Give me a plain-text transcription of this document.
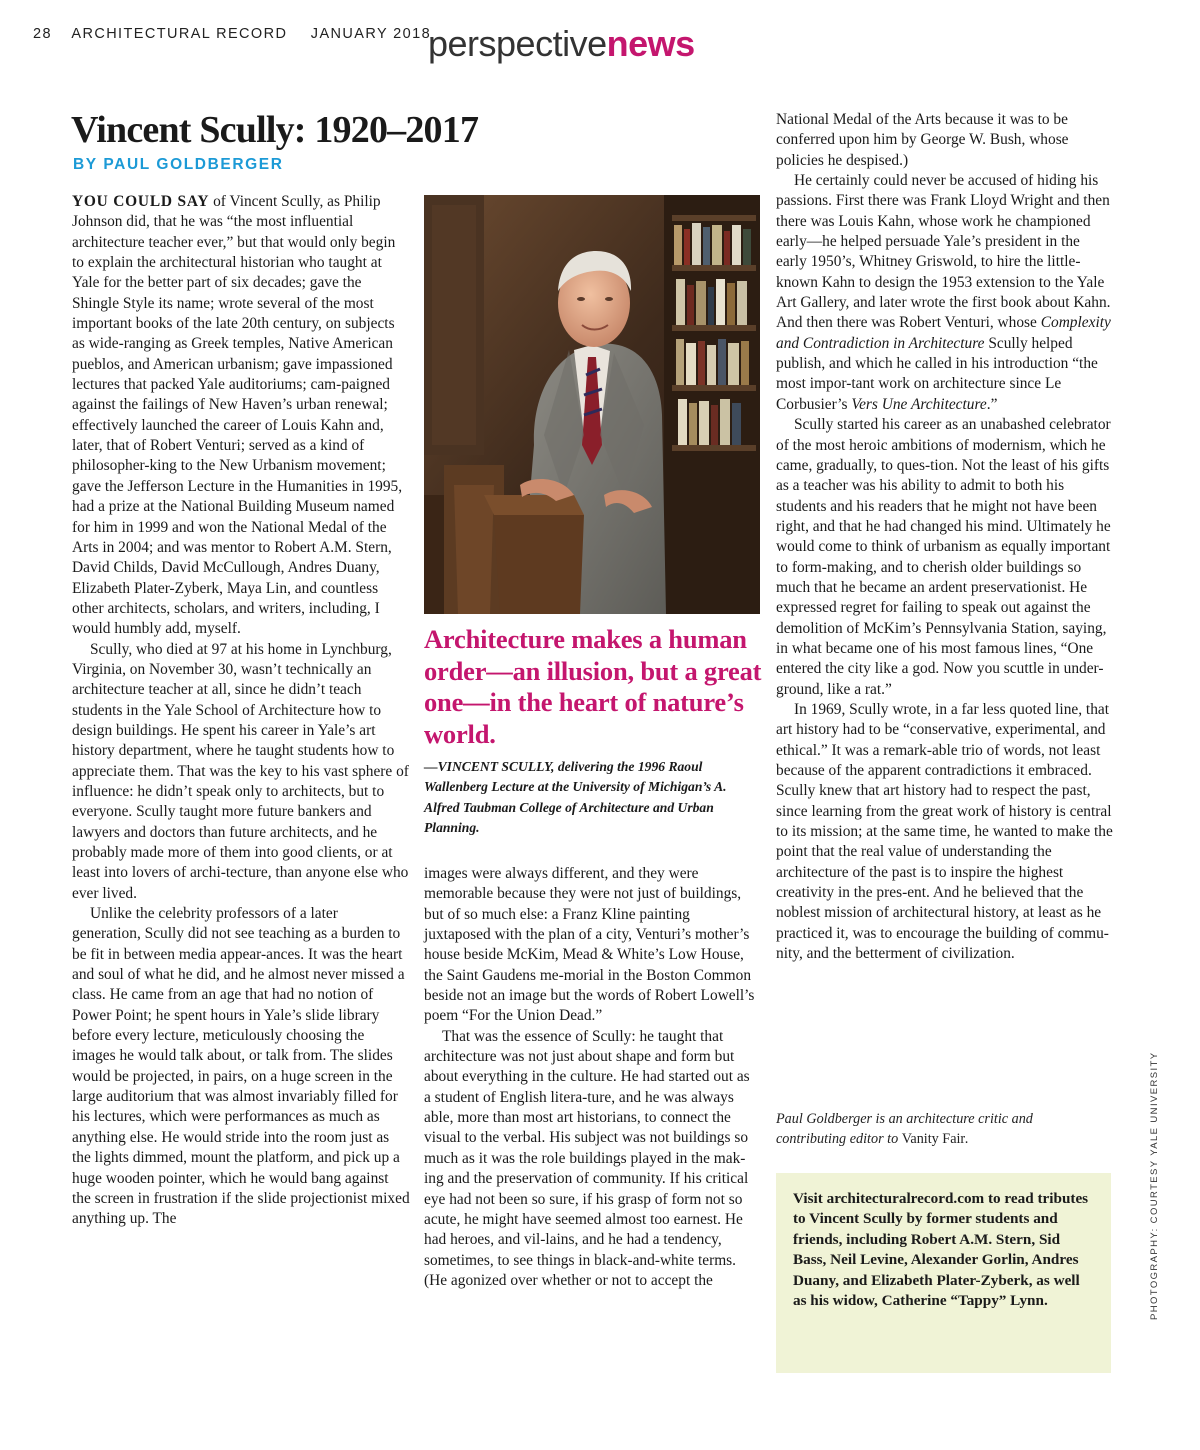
28 ARCHITECTURAL RECORD JANUARY 2018
perspectivenews
Vincent Scully: 1920–2017
BY PAUL GOLDBERGER

YOU COULD SAY of Vincent Scully, as Philip Johnson did, that he was “the most influential architecture teacher ever,” but that would only begin to explain the architectural historian who taught at Yale for the better part of six decades; gave the Shingle Style its name; wrote several of the most important books of the late 20th century, on subjects as wide-ranging as Greek temples, Native American pueblos, and American urbanism; gave impassioned lectures that packed Yale auditoriums; cam-paigned against the failings of New Haven’s urban renewal; effectively launched the career of Louis Kahn and, later, that of Robert Venturi; served as a kind of philosopher-king to the New Urbanism movement; gave the Jefferson Lecture in the Humanities in 1995, had a prize at the National Building Museum named for him in 1999 and won the National Medal of the Arts in 2004; and was mentor to Robert A.M. Stern, David Childs, David McCullough, Andres Duany, Elizabeth Plater-Zyberk, Maya Lin, and countless other architects, scholars, and writers, including, I would humbly add, myself.

Scully, who died at 97 at his home in Lynchburg, Virginia, on November 30, wasn’t technically an architecture teacher at all, since he didn’t teach students in the Yale School of Architecture how to design buildings. He spent his career in Yale’s art history department, where he taught students how to appreciate them. That was the key to his vast sphere of influence: he didn’t speak only to architects, but to everyone. Scully taught more future bankers and lawyers and doctors than future architects, and he probably made more of them into good clients, or at least into lovers of archi-tecture, than anyone else who ever lived.

Unlike the celebrity professors of a later generation, Scully did not see teaching as a burden to be fit in between media appear-ances. It was the heart and soul of what he did, and he almost never missed a class. He came from an age that had no notion of Power Point; he spent hours in Yale’s slide library before every lecture, meticulously choosing the images he would talk about, or talk from. The slides would be projected, in pairs, on a huge screen in the large auditorium that was almost invariably filled for his lectures, which were performances as much as anything else. He would stride into the room just as the lights dimmed, mount the platform, and pick up a huge wooden pointer, which he would bang against the screen in frustration if the slide projectionist mixed anything up. The

Architecture makes a human order—an illusion, but a great one—in the heart of nature’s world.

—VINCENT SCULLY, delivering the 1996 Raoul Wallenberg Lecture at the University of Michigan’s A. Alfred Taubman College of Architecture and Urban Planning.

images were always different, and they were memorable because they were not just of buildings, but of so much else: a Franz Kline painting juxtaposed with the plan of a city, Venturi’s mother’s house beside McKim, Mead & White’s Low House, the Saint Gaudens me-morial in the Boston Common beside not an image but the words of Robert Lowell’s poem “For the Union Dead.”

That was the essence of Scully: he taught that architecture was not just about shape and form but about everything in the culture. He had started out as a student of English litera-ture, and he was always able, more than most art historians, to connect the visual to the verbal. His subject was not buildings so much as it was the role buildings played in the mak-ing and the preservation of community. If his critical eye had not been so sure, if his grasp of form not so acute, he might have seemed almost too earnest. He had heroes, and vil-lains, and he had a tendency, sometimes, to see things in black-and-white terms. (He agonized over whether or not to accept the

National Medal of the Arts because it was to be conferred upon him by George W. Bush, whose policies he despised.)

He certainly could never be accused of hiding his passions. First there was Frank Lloyd Wright and then there was Louis Kahn, whose work he championed early—he helped persuade Yale’s president in the early 1950’s, Whitney Griswold, to hire the little-known Kahn to design the 1953 extension to the Yale Art Gallery, and later wrote the first book about Kahn. And then there was Robert Venturi, whose Complexity and Contradiction in Architecture Scully helped publish, and which he called in his introduction “the most impor-tant work on architecture since Le Corbusier’s Vers Une Architecture.”

Scully started his career as an unabashed celebrator of the most heroic ambitions of modernism, which he came, gradually, to ques-tion. Not the least of his gifts as a teacher was his ability to admit to both his students and his readers that he might not have been right, and that he had changed his mind. Ultimately he would come to think of urbanism as equally important to form-making, and to cherish older buildings so much that he became an ardent preservationist. He expressed regret for failing to speak out against the demolition of McKim’s Pennsylvania Station, saying, in what became one of his most famous lines, “One entered the city like a god. Now you scuttle in under-ground, like a rat.”

In 1969, Scully wrote, in a far less quoted line, that art history had to be “conservative, experimental, and ethical.” It was a remark-able trio of words, not least because of the apparent contradictions it embraced. Scully knew that art history had to respect the past, since learning from the great work of history is central to its mission; at the same time, he wanted to make the point that the real value of understanding the architecture of the past is to inspire the highest creativity in the pres-ent. And he believed that the noblest mission of architectural history, at least as he practiced it, was to encourage the building of commu-nity, and the betterment of civilization.

Paul Goldberger is an architecture critic and contributing editor to Vanity Fair.

Visit architecturalrecord.com to read tributes to Vincent Scully by former students and friends, including Robert A.M. Stern, Sid Bass, Neil Levine, Alexander Gorlin, Andres Duany, and Elizabeth Plater-Zyberk, as well as his widow, Catherine “Tappy” Lynn.	PHOTOGRAPHY: COURTESY YALE UNIVERSITY
